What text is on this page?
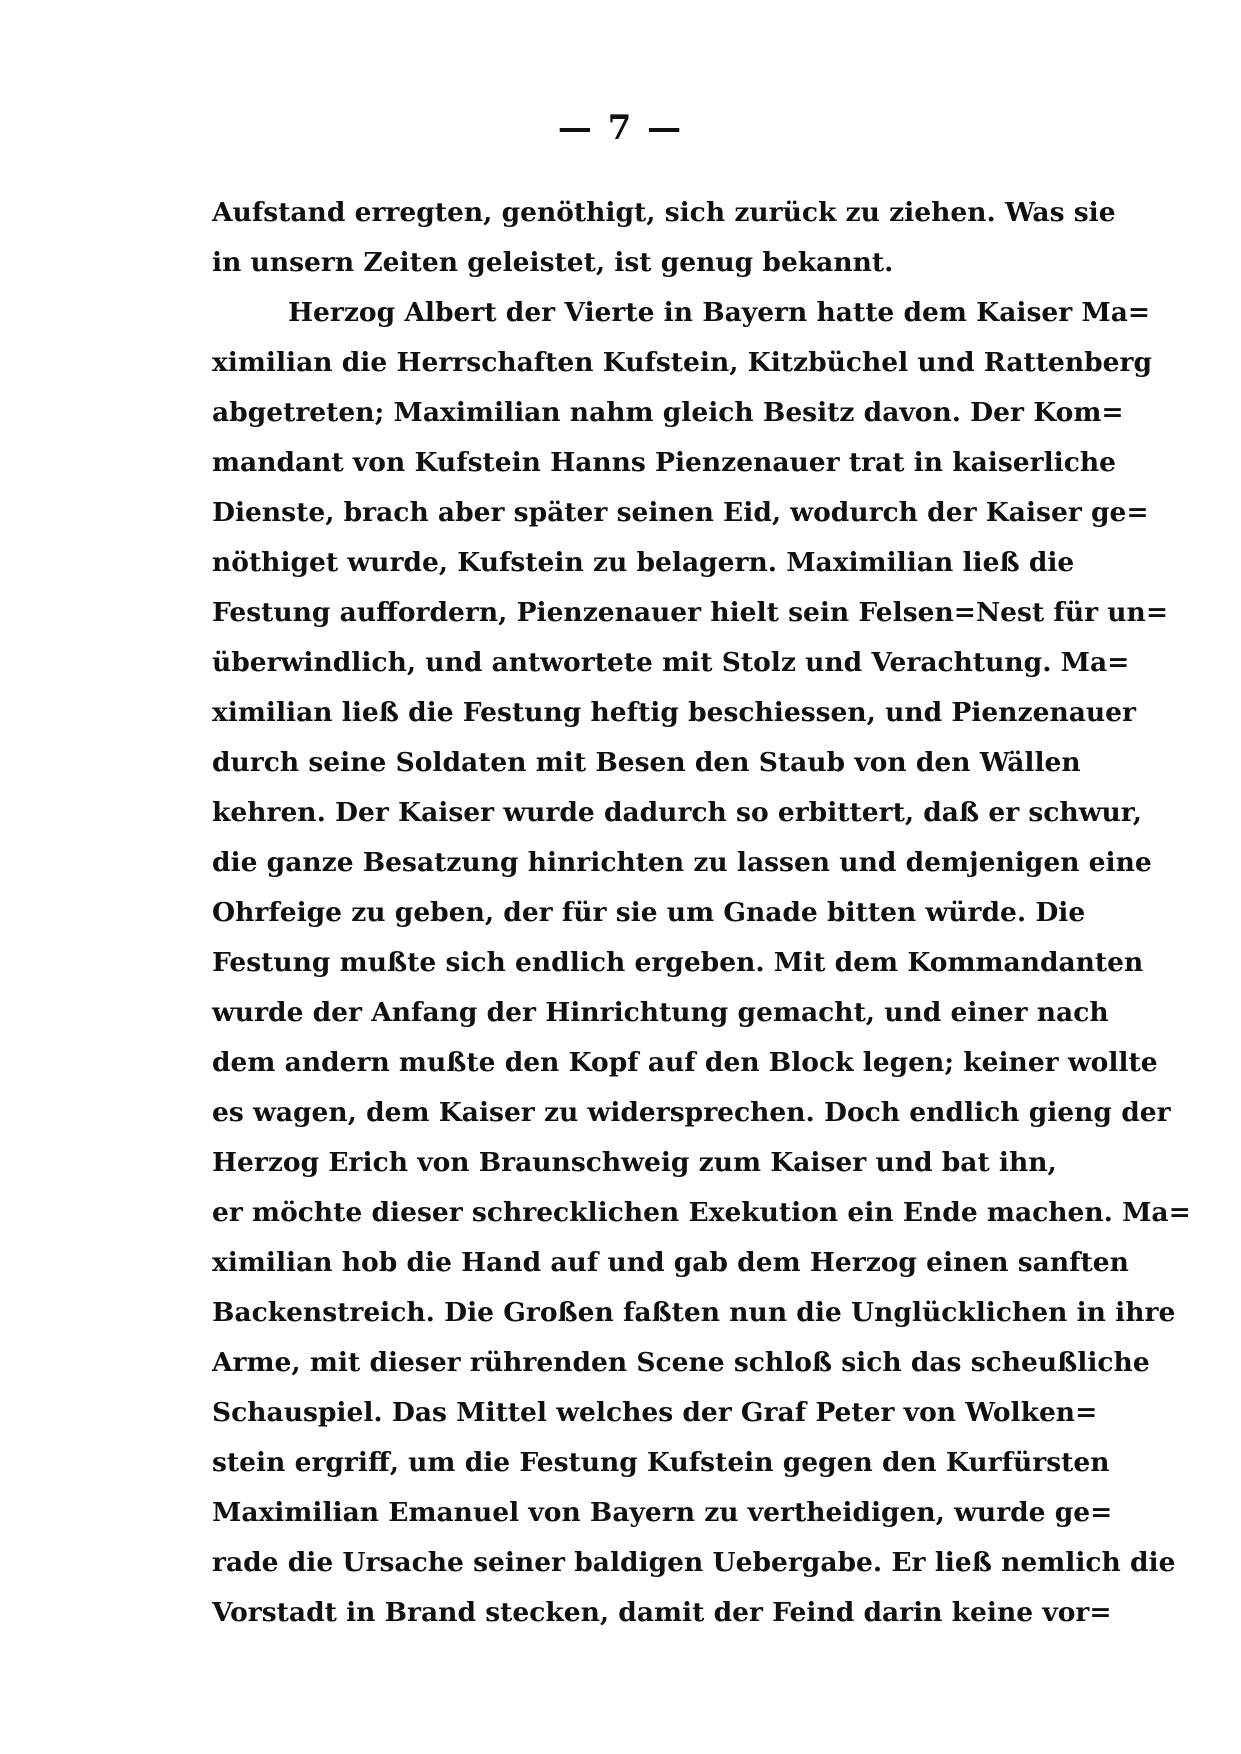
— 7 —
Aufstand erregten, genöthigt, sich zurück zu ziehen. Was sie
in unsern Zeiten geleistet, ist genug bekannt.
Herzog Albert der Vierte in Bayern hatte dem Kaiser Ma=
ximilian die Herrschaften Kufstein, Kitzbüchel und Rattenberg
abgetreten; Maximilian nahm gleich Besitz davon. Der Kom=
mandant von Kufstein Hanns Pienzenauer trat in kaiserliche
Dienste, brach aber später seinen Eid, wodurch der Kaiser ge=
nöthiget wurde, Kufstein zu belagern. Maximilian ließ die
Festung auffordern, Pienzenauer hielt sein Felsen=Nest für un=
überwindlich, und antwortete mit Stolz und Verachtung. Ma=
ximilian ließ die Festung heftig beschiessen, und Pienzenauer
durch seine Soldaten mit Besen den Staub von den Wällen
kehren. Der Kaiser wurde dadurch so erbittert, daß er schwur,
die ganze Besatzung hinrichten zu lassen und demjenigen eine
Ohrfeige zu geben, der für sie um Gnade bitten würde. Die
Festung mußte sich endlich ergeben. Mit dem Kommandanten
wurde der Anfang der Hinrichtung gemacht, und einer nach
dem andern mußte den Kopf auf den Block legen; keiner wollte
es wagen, dem Kaiser zu widersprechen. Doch endlich gieng der
Herzog Erich von Braunschweig zum Kaiser und bat ihn,
er möchte dieser schrecklichen Exekution ein Ende machen. Ma=
ximilian hob die Hand auf und gab dem Herzog einen sanften
Backenstreich. Die Großen faßten nun die Unglücklichen in ihre
Arme, mit dieser rührenden Scene schloß sich das scheußliche
Schauspiel. Das Mittel welches der Graf Peter von Wolken=
stein ergriff, um die Festung Kufstein gegen den Kurfürsten
Maximilian Emanuel von Bayern zu vertheidigen, wurde ge=
rade die Ursache seiner baldigen Uebergabe. Er ließ nemlich die
Vorstadt in Brand stecken, damit der Feind darin keine vor=
